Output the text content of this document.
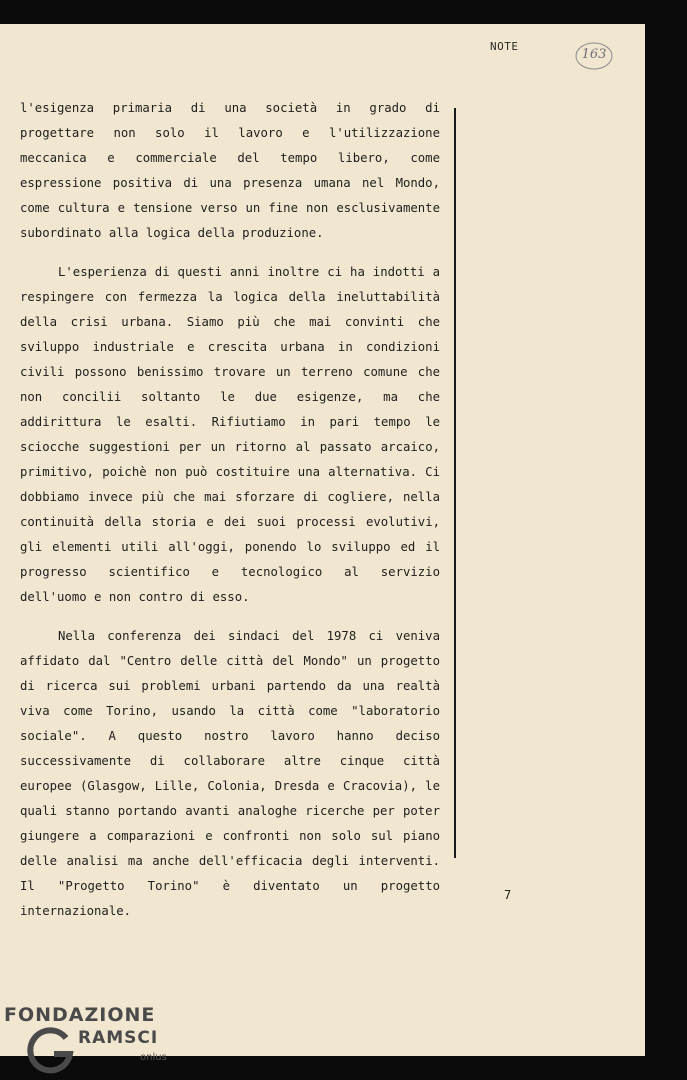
NOTE
163

l'esigenza primaria di una società in grado di progettare non solo il lavoro e l'utilizzazione meccanica e commerciale del tempo libero, come espressione positiva di una presenza umana nel Mondo, come cultura e tensione verso un fine non esclusivamente subordinato alla logica della produzione.

L'esperienza di questi anni inoltre ci ha indotti a respingere con fermezza la logica della ineluttabilità della crisi urbana. Siamo più che mai convinti che sviluppo industriale e crescita urbana in condizioni civili possono benissimo trovare un terreno comune che non concilii soltanto le due esigenze, ma che addirittura le esalti. Rifiutiamo in pari tempo le sciocche suggestioni per un ritorno al passato arcaico, primitivo, poichè non può costituire una alternativa. Ci dobbiamo invece più che mai sforzare di cogliere, nella continuità della storia e dei suoi processi evolutivi, gli elementi utili all'oggi, ponendo lo sviluppo ed il progresso scientifico e tecnologico al servizio dell'uomo e non contro di esso.

Nella conferenza dei sindaci del 1978 ci veniva affidato dal "Centro delle città del Mondo" un progetto di ricerca sui problemi urbani partendo da una realtà viva come Torino, usando la città come "laboratorio sociale". A questo nostro lavoro hanno deciso successivamente di collaborare altre cinque città europee (Glasgow, Lille, Colonia, Dresda e Cracovia), le quali stanno portando avanti analoghe ricerche per poter giungere a comparazioni e confronti non solo sul piano delle analisi ma anche dell'efficacia degli interventi. Il "Progetto Torino" è diventato un progetto internazionale.

7
FONDAZIONE
RAMSCI
onlus
